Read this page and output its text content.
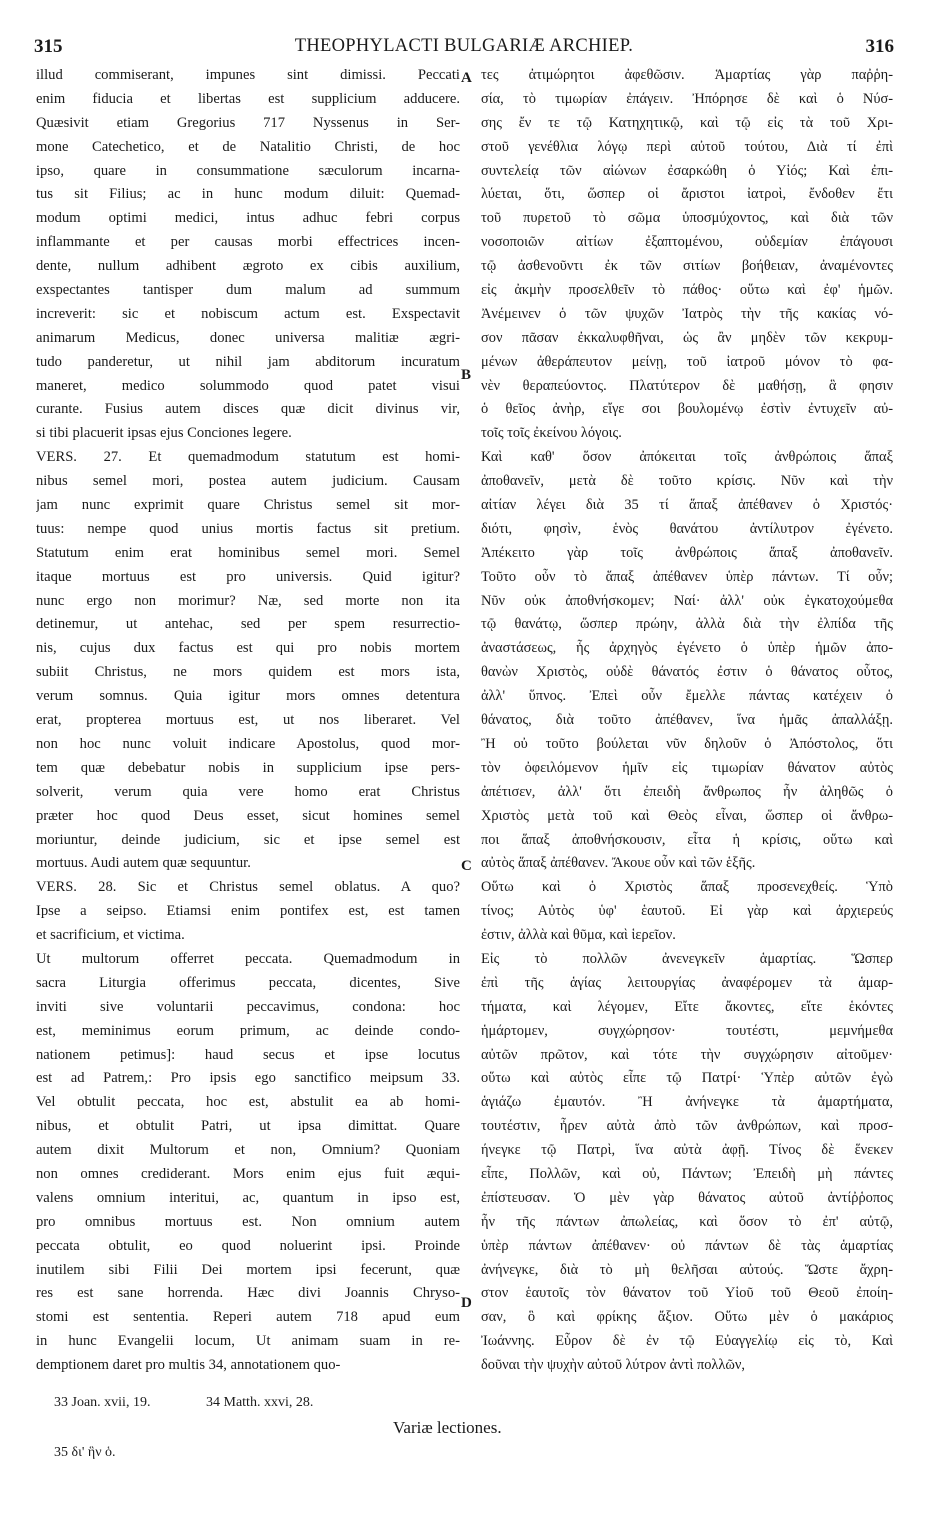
315	THEOPHYLACTI BULGARIÆ ARCHIEP.	316
illud commiserant, impunes sint dimissi. Peccati
enim fiducia et libertas est supplicium adducere.
Quæsivit etiam Gregorius 717 Nyssenus in Ser-
mone Catechetico, et de Natalitio Christi, de hoc
ipso, quare in consummatione sæculorum incarna-
tus sit Filius; ac in hunc modum diluit: Quemad-
modum optimi medici, intus adhuc febri corpus
inflammante et per causas morbi effectrices incen-
dente, nullum adhibent ægroto ex cibis auxilium,
exspectantes tantisper dum malum ad summum
increverit: sic et nobiscum actum est. Exspectavit
animarum Medicus, donec universa malitiæ ægri-
tudo panderetur, ut nihil jam abditorum incuratum
maneret, medico solummodo quod patet visui
curante. Fusius autem disces quæ dicit divinus vir,
si tibi placuerit ipsas ejus Conciones legere.
VERS. 27. Et quemadmodum statutum est homi-
nibus semel mori, postea autem judicium. Causam
jam nunc exprimit quare Christus semel sit mor-
tuus: nempe quod unius mortis factus sit pretium.
Statutum enim erat hominibus semel mori. Semel
itaque mortuus est pro universis. Quid igitur?
nunc ergo non morimur? Næ, sed morte non ita
detinemur, ut antehac, sed per spem resurrectio-
nis, cujus dux factus est qui pro nobis mortem
subiit Christus, ne mors quidem est mors ista,
verum somnus. Quia igitur mors omnes detentura
erat, propterea mortuus est, ut nos liberaret. Vel
non hoc nunc voluit indicare Apostolus, quod mor-
tem quæ debebatur nobis in supplicium ipse pers-
solverit, verum quia vere homo erat Christus
præter hoc quod Deus esset, sicut homines semel
moriuntur, deinde judicium, sic et ipse semel est
mortuus. Audi autem quæ sequuntur.
VERS. 28. Sic et Christus semel oblatus. A quo?
Ipse a seipso. Etiamsi enim pontifex est, est tamen
et sacrificium, et victima.
Ut multorum offerret peccata. Quemadmodum in
sacra Liturgia offerimus peccata, dicentes, Sive
inviti sive voluntarii peccavimus, condona: hoc
est, meminimus eorum primum, ac deinde condo-
nationem petimus]: haud secus et ipse locutus
est ad Patrem,: Pro ipsis ego sanctifico meipsum 33.
Vel obtulit peccata, hoc est, abstulit ea ab homi-
nibus, et obtulit Patri, ut ipsa dimittat. Quare
autem dixit Multorum et non, Omnium? Quoniam
non omnes crediderant. Mors enim ejus fuit æqui-
valens omnium interitui, ac, quantum in ipso est,
pro omnibus mortuus est. Non omnium autem
peccata obtulit, eo quod noluerint ipsi. Proinde
inutilem sibi Filii Dei mortem ipsi fecerunt, quæ
res est sane horrenda. Hæc divi Joannis Chryso-
stomi est sententia. Reperi autem 718 apud eum
in hunc Evangelii locum, Ut animam suam in re-
demptionem daret pro multis 34, annotationem quo-
τες ἀτιμώρητοι ἀφεθῶσιν. Ἁμαρτίας γὰρ παῤῥη-
σία, τὸ τιμωρίαν ἐπάγειν. Ἠπόρησε δὲ καὶ ὁ Νύσ-
σης ἔν τε τῷ Κατηχητικῷ, καὶ τῷ εἰς τὰ τοῦ Χρι-
στοῦ γενέθλια λόγῳ περὶ αὐτοῦ τούτου, Διὰ τί ἐπὶ
συντελείᾳ τῶν αἰώνων ἐσαρκώθη ὁ Υἱός; Καὶ ἐπι-
λύεται, ὅτι, ὥσπερ οἱ ἄριστοι ἰατροὶ, ἔνδοθεν ἔτι
τοῦ πυρετοῦ τὸ σῶμα ὑποσμύχοντος, καὶ διὰ τῶν
νοσοποιῶν αἰτίων ἐξαπτομένου, οὐδεμίαν ἐπάγουσι
τῷ ἀσθενοῦντι ἐκ τῶν σιτίων βοήθειαν, ἀναμένοντες
εἰς ἀκμὴν προσελθεῖν τὸ πάθος· οὕτω καὶ ἐφ' ἡμῶν.
Ἀνέμεινεν ὁ τῶν ψυχῶν Ἰατρὸς τὴν τῆς κακίας νό-
σον πᾶσαν ἐκκαλυφθῆναι, ὡς ἂν μηδὲν τῶν κεκρυμ-
μένων ἀθεράπευτον μείνῃ, τοῦ ἰατροῦ μόνον τὸ φα-
νὲν θεραπεύοντος. Πλατύτερον δὲ μαθήσῃ, ἃ φησιν
ὁ θεῖος ἀνὴρ, εἴγε σοι βουλομένῳ ἐστὶν ἐντυχεῖν αὐ-
τοῖς τοῖς ἐκείνου λόγοις.
Καὶ καθ' ὅσον ἀπόκειται τοῖς ἀνθρώποις ἅπαξ
ἀποθανεῖν, μετὰ δὲ τοῦτο κρίσις. Νῦν καὶ τὴν
αἰτίαν λέγει διὰ 35 τί ἅπαξ ἀπέθανεν ὁ Χριστός·
διότι, φησὶν, ἑνὸς θανάτου ἀντίλυτρον ἐγένετο.
Ἀπέκειτο γὰρ τοῖς ἀνθρώποις ἅπαξ ἀποθανεῖν.
Τοῦτο οὖν τὸ ἅπαξ ἀπέθανεν ὑπὲρ πάντων. Τί οὖν;
Νῦν οὐκ ἀποθνήσκομεν; Ναί· ἀλλ' οὐκ ἐγκατοχούμεθα
τῷ θανάτῳ, ὥσπερ πρώην, ἀλλὰ διὰ τὴν ἐλπίδα τῆς
ἀναστάσεως, ἧς ἀρχηγὸς ἐγένετο ὁ ὑπὲρ ἡμῶν ἀπο-
θανὼν Χριστὸς, οὐδὲ θάνατός ἐστιν ὁ θάνατος οὗτος,
ἀλλ' ὕπνος. Ἐπεὶ οὖν ἔμελλε πάντας κατέχειν ὁ
θάνατος, διὰ τοῦτο ἀπέθανεν, ἵνα ἡμᾶς ἀπαλλάξῃ.
Ἢ οὐ τοῦτο βούλεται νῦν δηλοῦν ὁ Ἀπόστολος, ὅτι
τὸν ὀφειλόμενον ἡμῖν εἰς τιμωρίαν θάνατον αὐτὸς
ἀπέτισεν, ἀλλ' ὅτι ἐπειδὴ ἄνθρωπος ἦν ἀληθῶς ὁ
Χριστὸς μετὰ τοῦ καὶ Θεὸς εἶναι, ὥσπερ οἱ ἄνθρω-
ποι ἅπαξ ἀποθνήσκουσιν, εἶτα ἡ κρίσις, οὕτω καὶ
αὐτὸς ἅπαξ ἀπέθανεν. Ἄκουε οὖν καὶ τῶν ἑξῆς.
Οὕτω καὶ ὁ Χριστὸς ἅπαξ προσενεχθείς. Ὑπὸ
τίνος; Αὐτὸς ὑφ' ἑαυτοῦ. Εἰ γὰρ καὶ ἀρχιερεύς
ἐστιν, ἀλλὰ καὶ θῦμα, καὶ ἱερεῖον.
Εἰς τὸ πολλῶν ἀνενεγκεῖν ἁμαρτίας. Ὥσπερ
ἐπὶ τῆς ἁγίας λειτουργίας ἀναφέρομεν τὰ ἁμαρ-
τήματα, καὶ λέγομεν, Εἴτε ἄκοντες, εἴτε ἑκόντες
ἡμάρτομεν, συγχώρησον· τουτέστι, μεμνήμεθα
αὐτῶν πρῶτον, καὶ τότε τὴν συγχώρησιν αἰτοῦμεν·
οὕτω καὶ αὐτὸς εἶπε τῷ Πατρί· Ὑπὲρ αὐτῶν ἐγὼ
ἁγιάζω ἐμαυτόν. Ἢ ἀνήνεγκε τὰ ἁμαρτήματα,
τουτέστιν, ἦρεν αὐτὰ ἀπὸ τῶν ἀνθρώπων, καὶ προσ-
ήνεγκε τῷ Πατρὶ, ἵνα αὐτὰ ἀφῇ. Τίνος δὲ ἕνεκεν
εἶπε, Πολλῶν, καὶ οὐ, Πάντων; Ἐπειδὴ μὴ πάντες
ἐπίστευσαν. Ὁ μὲν γὰρ θάνατος αὐτοῦ ἀντίῤῥοπος
ἦν τῆς πάντων ἀπωλείας, καὶ ὅσον τὸ ἐπ' αὐτῷ,
ὑπὲρ πάντων ἀπέθανεν· οὐ πάντων δὲ τὰς ἁμαρτίας
ἀνήνεγκε, διὰ τὸ μὴ θελῆσαι αὐτούς. Ὥστε ἄχρη-
στον ἑαυτοῖς τὸν θάνατον τοῦ Υἱοῦ τοῦ Θεοῦ ἐποίη-
σαν, ὃ καὶ φρίκης ἄξιον. Οὕτω μὲν ὁ μακάριος
Ἰωάννης. Εὗρον δὲ ἐν τῷ Εὐαγγελίῳ εἰς τὸ, Καὶ
δοῦναι τὴν ψυχὴν αὐτοῦ λύτρον ἀντὶ πολλῶν,
A
B
C
D
33 Joan. xvii, 19.	34 Matth. xxvi, 28.
35 δι' ἣν ὁ.
Variæ lectiones.
